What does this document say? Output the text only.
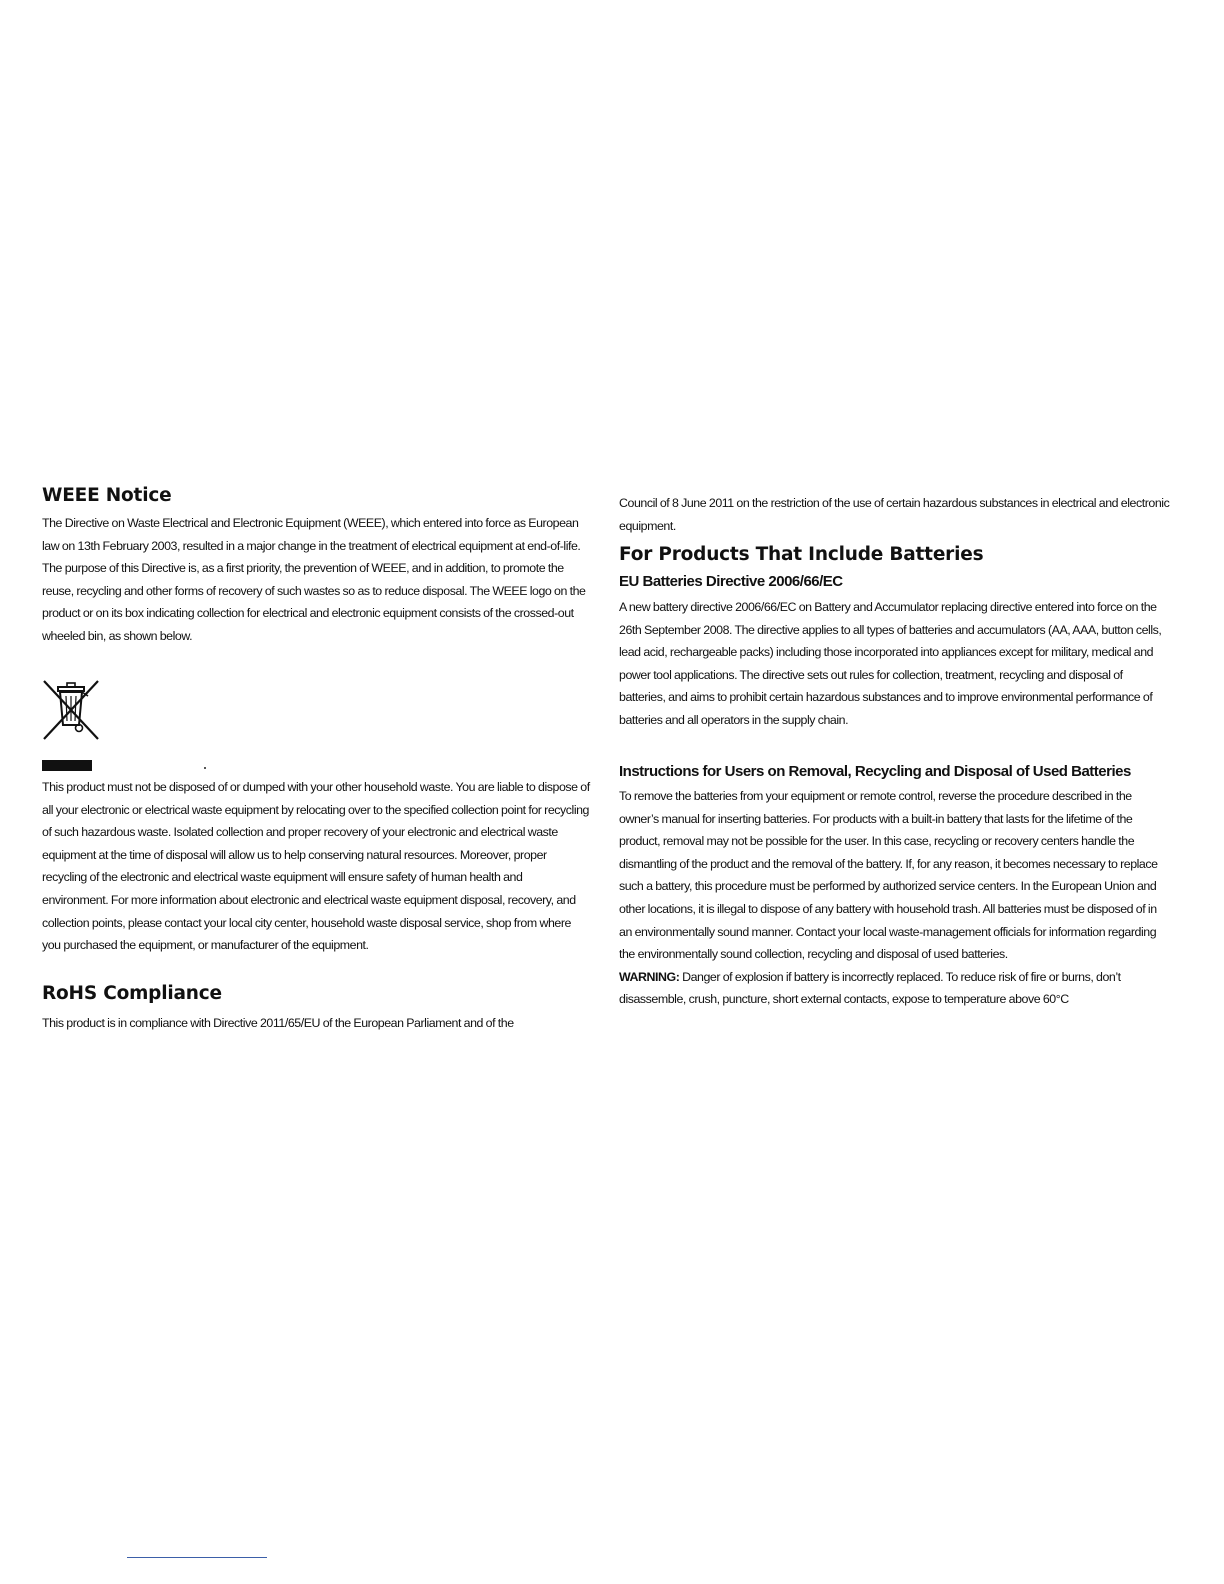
WEEE Notice

The Directive on Waste Electrical and Electronic Equipment (WEEE), which entered into force as European law on 13th February 2003, resulted in a major change in the treatment of electrical equipment at end-of-life.

The purpose of this Directive is, as a first priority, the prevention of WEEE, and in addition, to promote the reuse, recycling and other forms of recovery of such wastes so as to reduce disposal. The WEEE logo on the product or on its box indicating collection for electrical and electronic equipment consists of the crossed-out wheeled bin, as shown below.

This product must not be disposed of or dumped with your other household waste. You are liable to dispose of all your electronic or electrical waste equipment by relocating over to the specified collection point for recycling of such hazardous waste. Isolated collection and proper recovery of your electronic and electrical waste equipment at the time of disposal will allow us to help conserving natural resources. Moreover, proper recycling of the electronic and electrical waste equipment will ensure safety of human health and environment. For more information about electronic and electrical waste equipment disposal, recovery, and collection points, please contact your local city center, household waste disposal service, shop from where you purchased the equipment, or manufacturer of the equipment.

RoHS Compliance

This product is in compliance with Directive 2011/65/EU of the European Parliament and of the

Council of 8 June 2011 on the restriction of the use of certain hazardous substances in electrical and electronic equipment.

For Products That Include Batteries
EU Batteries Directive 2006/66/EC

A new battery directive 2006/66/EC on Battery and Accumulator replacing directive entered into force on the 26th September 2008. The directive applies to all types of batteries and accumulators (AA, AAA, button cells, lead acid, rechargeable packs) including those incorporated into appliances except for military, medical and power tool applications. The directive sets out rules for collection, treatment, recycling and disposal of batteries, and aims to prohibit certain hazardous substances and to improve environmental performance of batteries and all operators in the supply chain.

Instructions for Users on Removal, Recycling and Disposal of Used Batteries

To remove the batteries from your equipment or remote control, reverse the procedure described in the owner’s manual for inserting batteries. For products with a built-in battery that lasts for the lifetime of the product, removal may not be possible for the user. In this case, recycling or recovery centers handle the dismantling of the product and the removal of the battery. If, for any reason, it becomes necessary to replace such a battery, this procedure must be performed by authorized service centers. In the European Union and other locations, it is illegal to dispose of any battery with household trash. All batteries must be disposed of in an environmentally sound manner. Contact your local waste-management officials for information regarding the environmentally sound collection, recycling and disposal of used batteries.

WARNING: Danger of explosion if battery is incorrectly replaced. To reduce risk of fire or burns, don’t disassemble, crush, puncture, short external contacts, expose to temperature above 60°C
